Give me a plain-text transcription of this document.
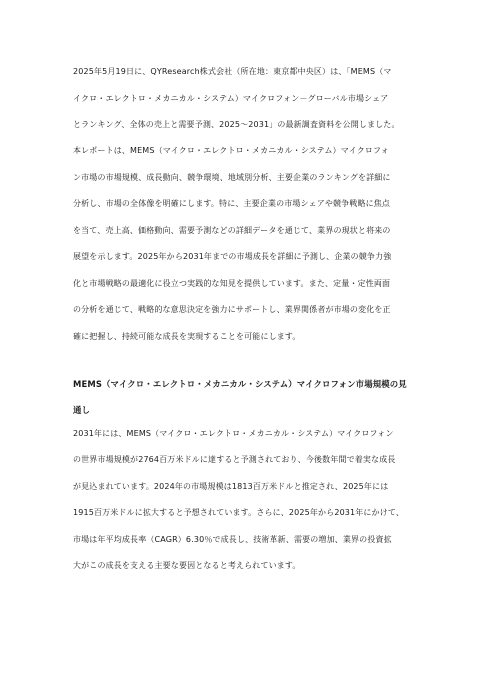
2025年5月19日に、QYResearch株式会社（所在地：東京都中央区）は、「MEMS（マ
イクロ・エレクトロ・メカニカル・システム）マイクロフォン－グローバル市場シェア
とランキング、全体の売上と需要予測、2025～2031」の最新調査資料を公開しました。
本レポートは、MEMS（マイクロ・エレクトロ・メカニカル・システム）マイクロフォ
ン市場の市場規模、成長動向、競争環境、地域別分析、主要企業のランキングを詳細に
分析し、市場の全体像を明確にします。特に、主要企業の市場シェアや競争戦略に焦点
を当て、売上高、価格動向、需要予測などの詳細データを通じて、業界の現状と将来の
展望を示します。2025年から2031年までの市場成長を詳細に予測し、企業の競争力強
化と市場戦略の最適化に役立つ実践的な知見を提供しています。また、定量・定性両面
の分析を通じて、戦略的な意思決定を強力にサポートし、業界関係者が市場の変化を正
確に把握し、持続可能な成長を実現することを可能にします。
MEMS（マイクロ・エレクトロ・メカニカル・システム）マイクロフォン市場規模の見
通し
2031年には、MEMS（マイクロ・エレクトロ・メカニカル・システム）マイクロフォン
の世界市場規模が2764百万米ドルに達すると予測されており、今後数年間で着実な成長
が見込まれています。2024年の市場規模は1813百万米ドルと推定され、2025年には
1915百万米ドルに拡大すると予想されています。さらに、2025年から2031年にかけて、
市場は年平均成長率（CAGR）6.30％で成長し、技術革新、需要の増加、業界の投資拡
大がこの成長を支える主要な要因となると考えられています。
